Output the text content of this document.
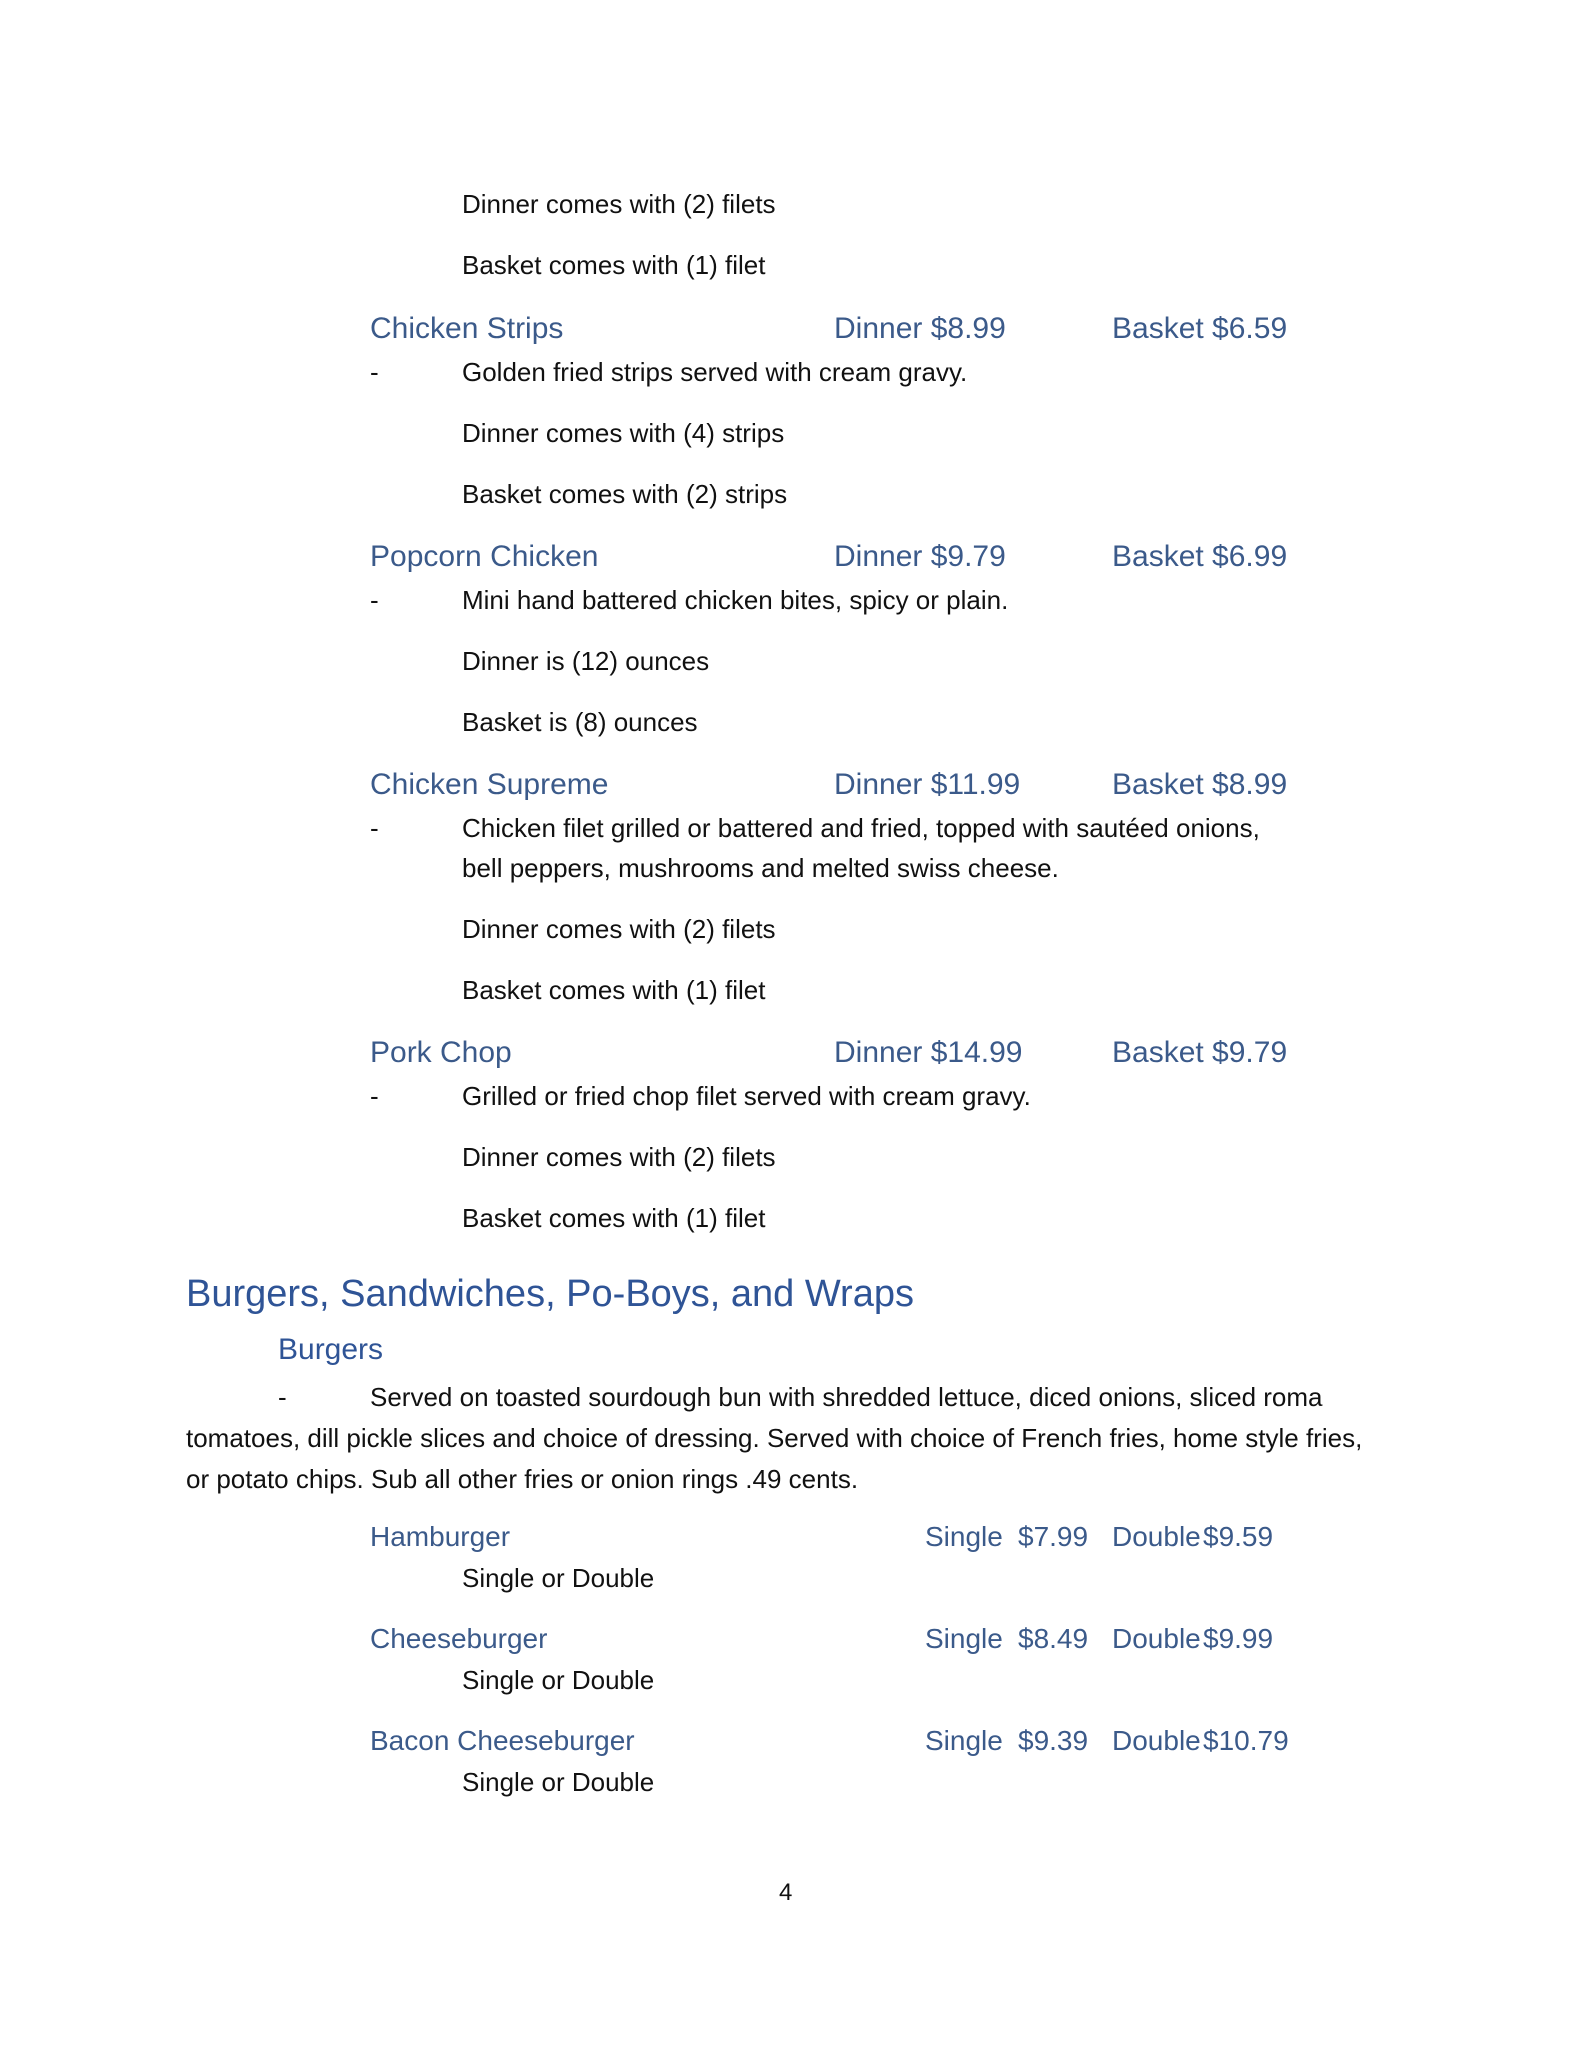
Dinner comes with (2) filets
Basket comes with (1) filet
Chicken Strips	Dinner $8.99	Basket $6.59
-	Golden fried strips served with cream gravy.
Dinner comes with (4) strips
Basket comes with (2) strips
Popcorn Chicken	Dinner $9.79	Basket $6.99
-	Mini hand battered chicken bites, spicy or plain.
Dinner is (12) ounces
Basket is (8) ounces
Chicken Supreme	Dinner $11.99	Basket $8.99
-	Chicken filet grilled or battered and fried, topped with sautéed onions,
bell peppers, mushrooms and melted swiss cheese.
Dinner comes with (2) filets
Basket comes with (1) filet
Pork Chop	Dinner $14.99	Basket $9.79
-	Grilled or fried chop filet served with cream gravy.
Dinner comes with (2) filets
Basket comes with (1) filet
Burgers, Sandwiches, Po-Boys, and Wraps
Burgers
-	Served on toasted sourdough bun with shredded lettuce, diced onions, sliced roma tomatoes, dill pickle slices and choice of dressing. Served with choice of French fries, home style fries, or potato chips. Sub all other fries or onion rings .49 cents.
Hamburger	Single $7.99 Double $9.59
Single or Double
Cheeseburger	Single $8.49 Double $9.99
Single or Double
Bacon Cheeseburger	Single $9.39 Double $10.79
Single or Double
4
